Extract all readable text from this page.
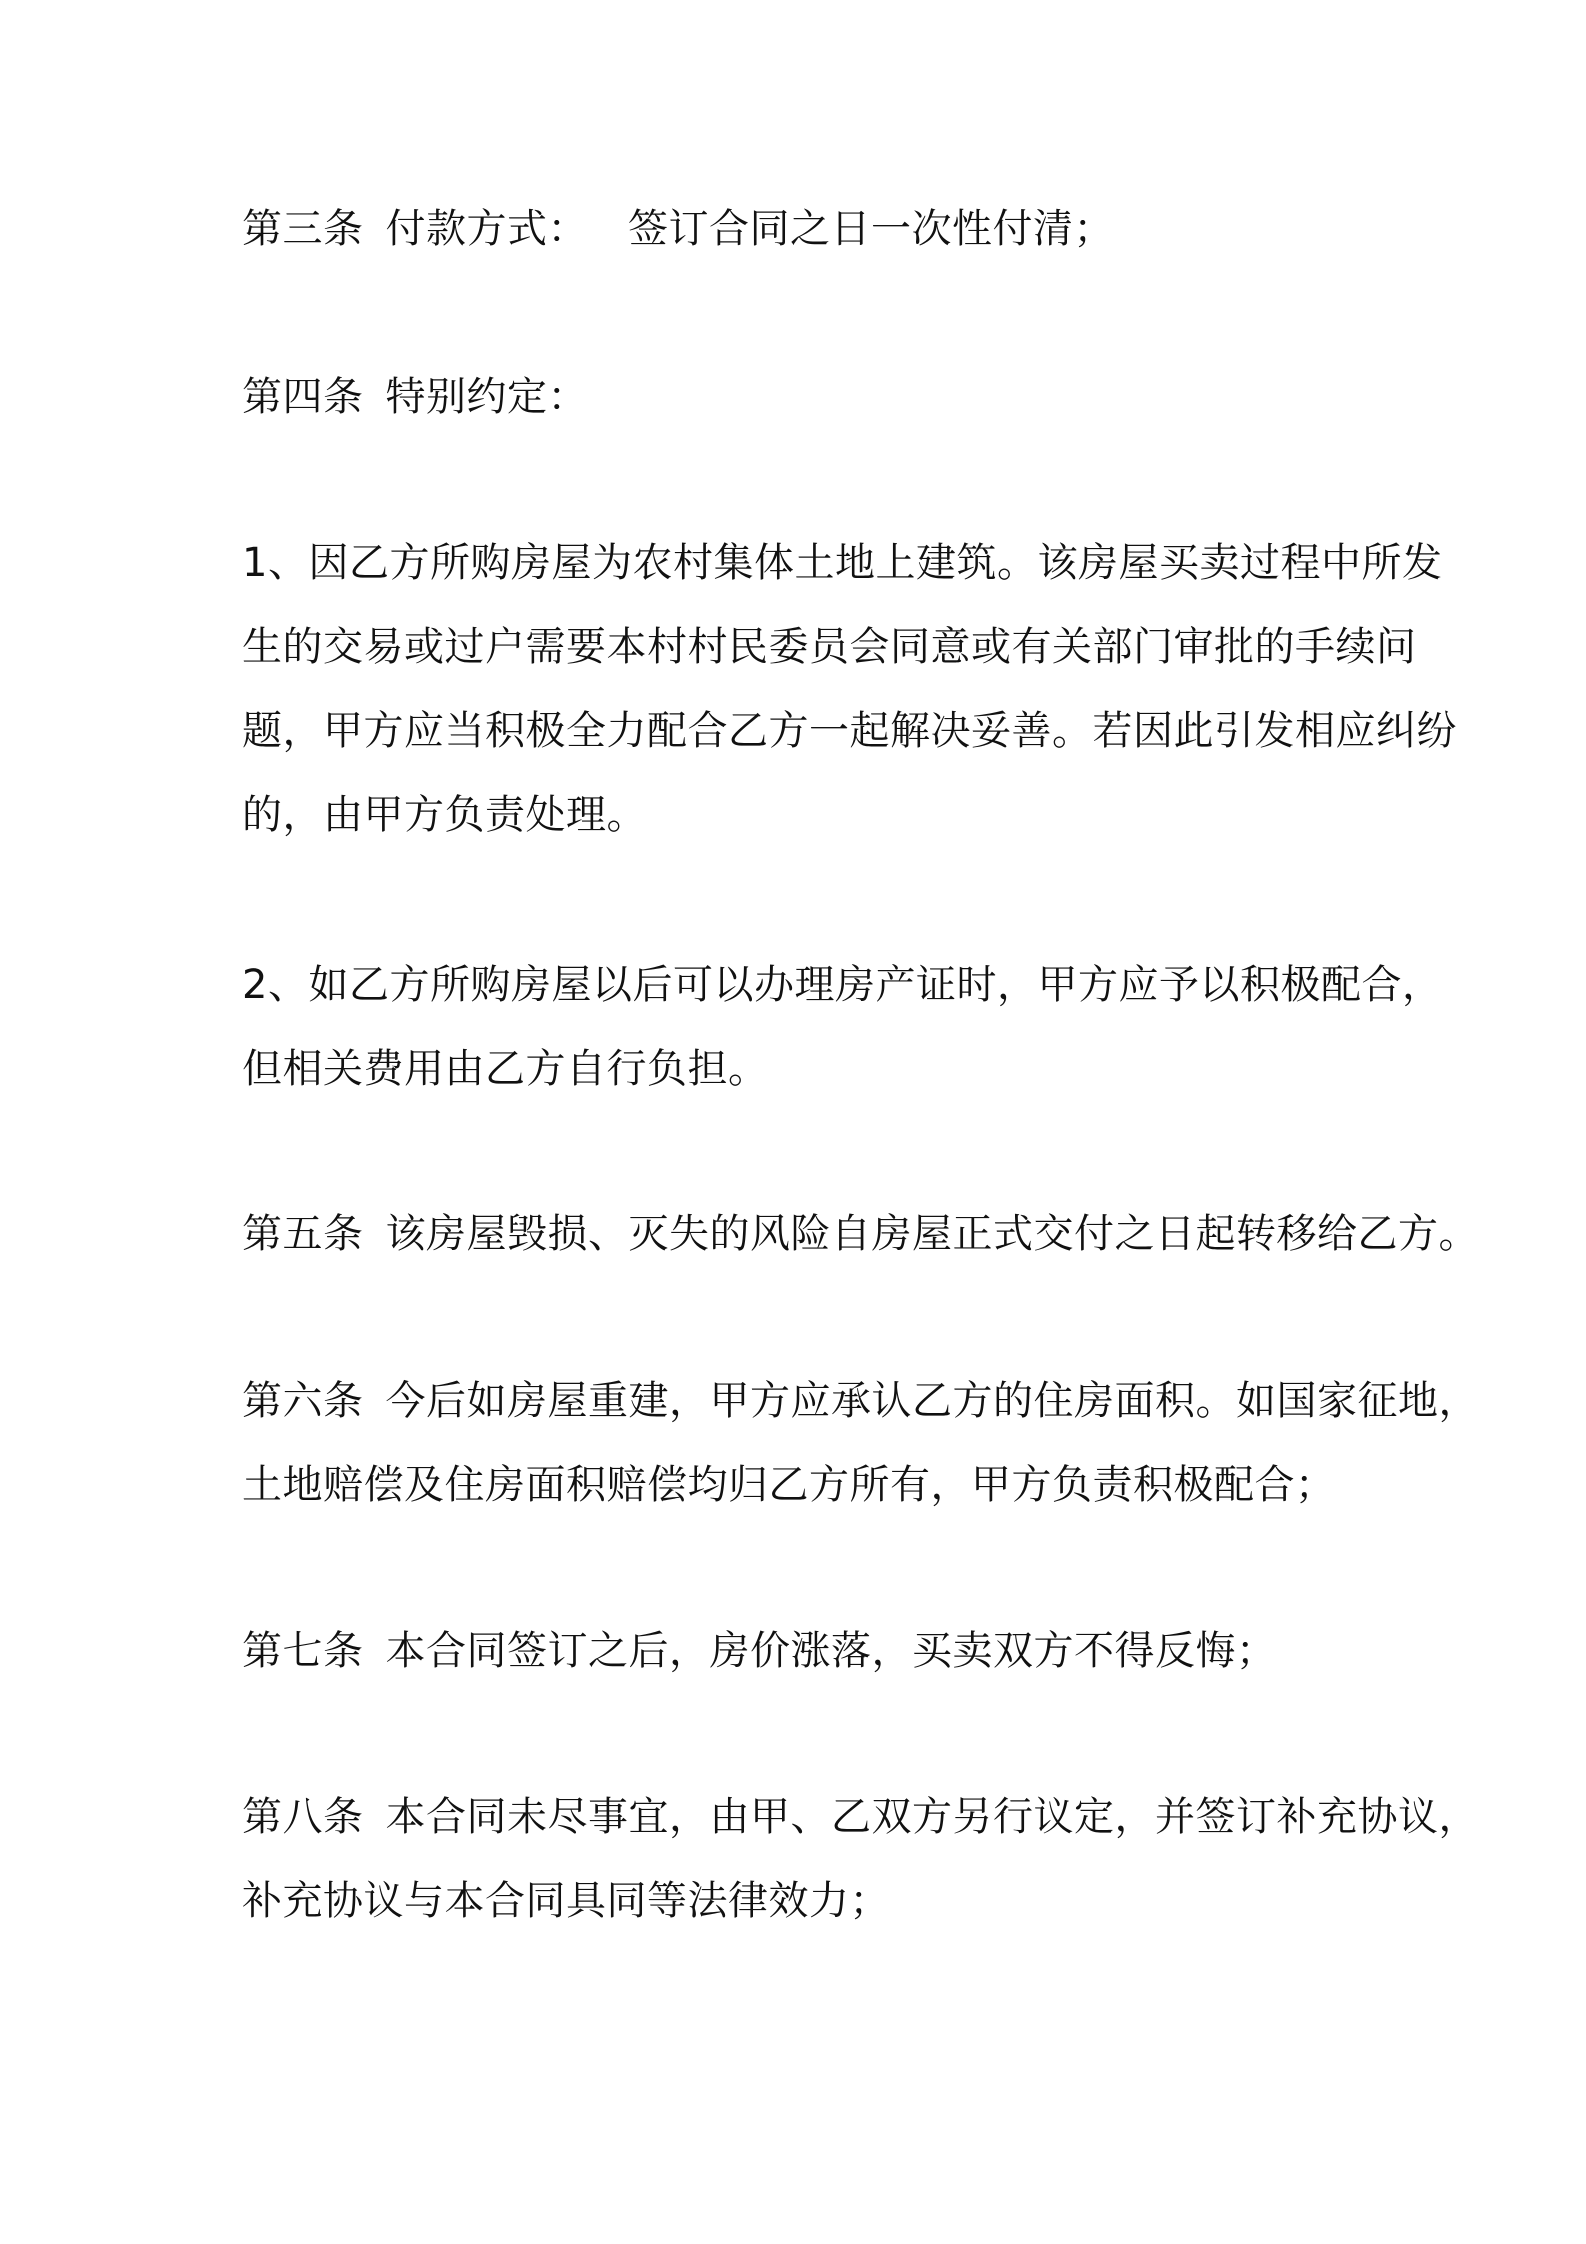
第三条 付款方式： 签订合同之日一次性付清；
第四条 特别约定：
1、因乙方所购房屋为农村集体土地上建筑。该房屋买卖过程中所发
生的交易或过户需要本村村民委员会同意或有关部门审批的手续问
题，甲方应当积极全力配合乙方一起解决妥善。若因此引发相应纠纷
的，由甲方负责处理。
2、如乙方所购房屋以后可以办理房产证时，甲方应予以积极配合，
但相关费用由乙方自行负担。
第五条 该房屋毁损、灭失的风险自房屋正式交付之日起转移给乙方。
第六条 今后如房屋重建，甲方应承认乙方的住房面积。如国家征地，
土地赔偿及住房面积赔偿均归乙方所有，甲方负责积极配合；
第七条 本合同签订之后，房价涨落，买卖双方不得反悔；
第八条 本合同未尽事宜，由甲、乙双方另行议定，并签订补充协议，
补充协议与本合同具同等法律效力；
